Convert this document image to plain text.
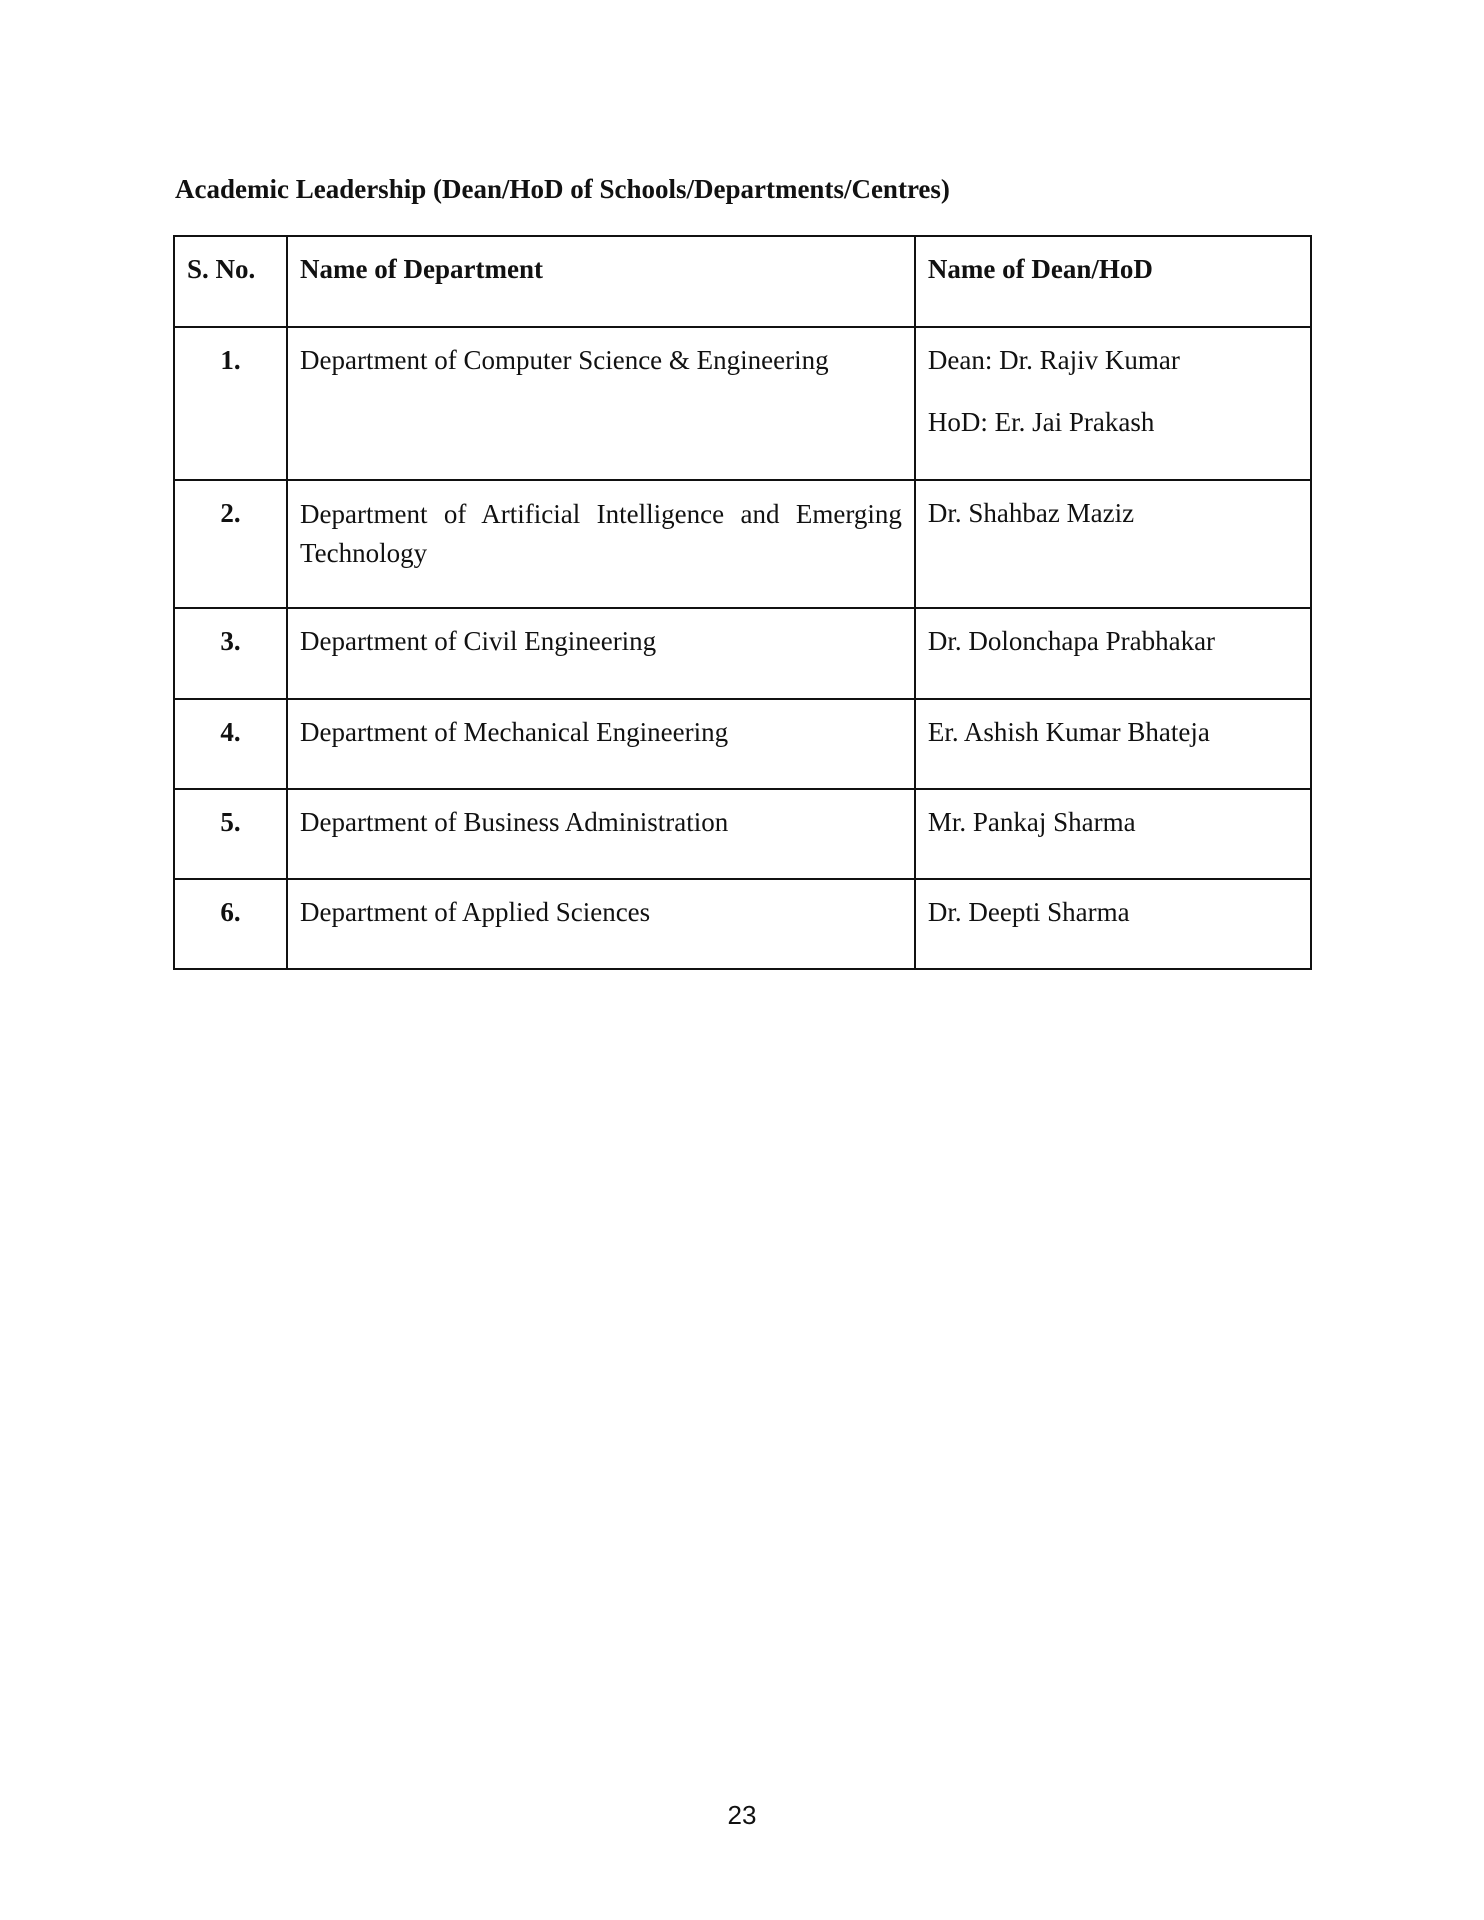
Academic Leadership (Dean/HoD of Schools/Departments/Centres)
S. No.	Name of Department	Name of Dean/HoD
1.	Department of Computer Science & Engineering	Dean: Dr. Rajiv Kumar
HoD: Er. Jai Prakash

2.	Department of Artificial Intelligence and Emerging Technology	Dr. Shahbaz Maziz
3.	Department of Civil Engineering	Dr. Dolonchapa Prabhakar
4.	Department of Mechanical Engineering	Er. Ashish Kumar Bhateja
5.	Department of Business Administration	Mr. Pankaj Sharma
6.	Department of Applied Sciences	Dr. Deepti Sharma
23
